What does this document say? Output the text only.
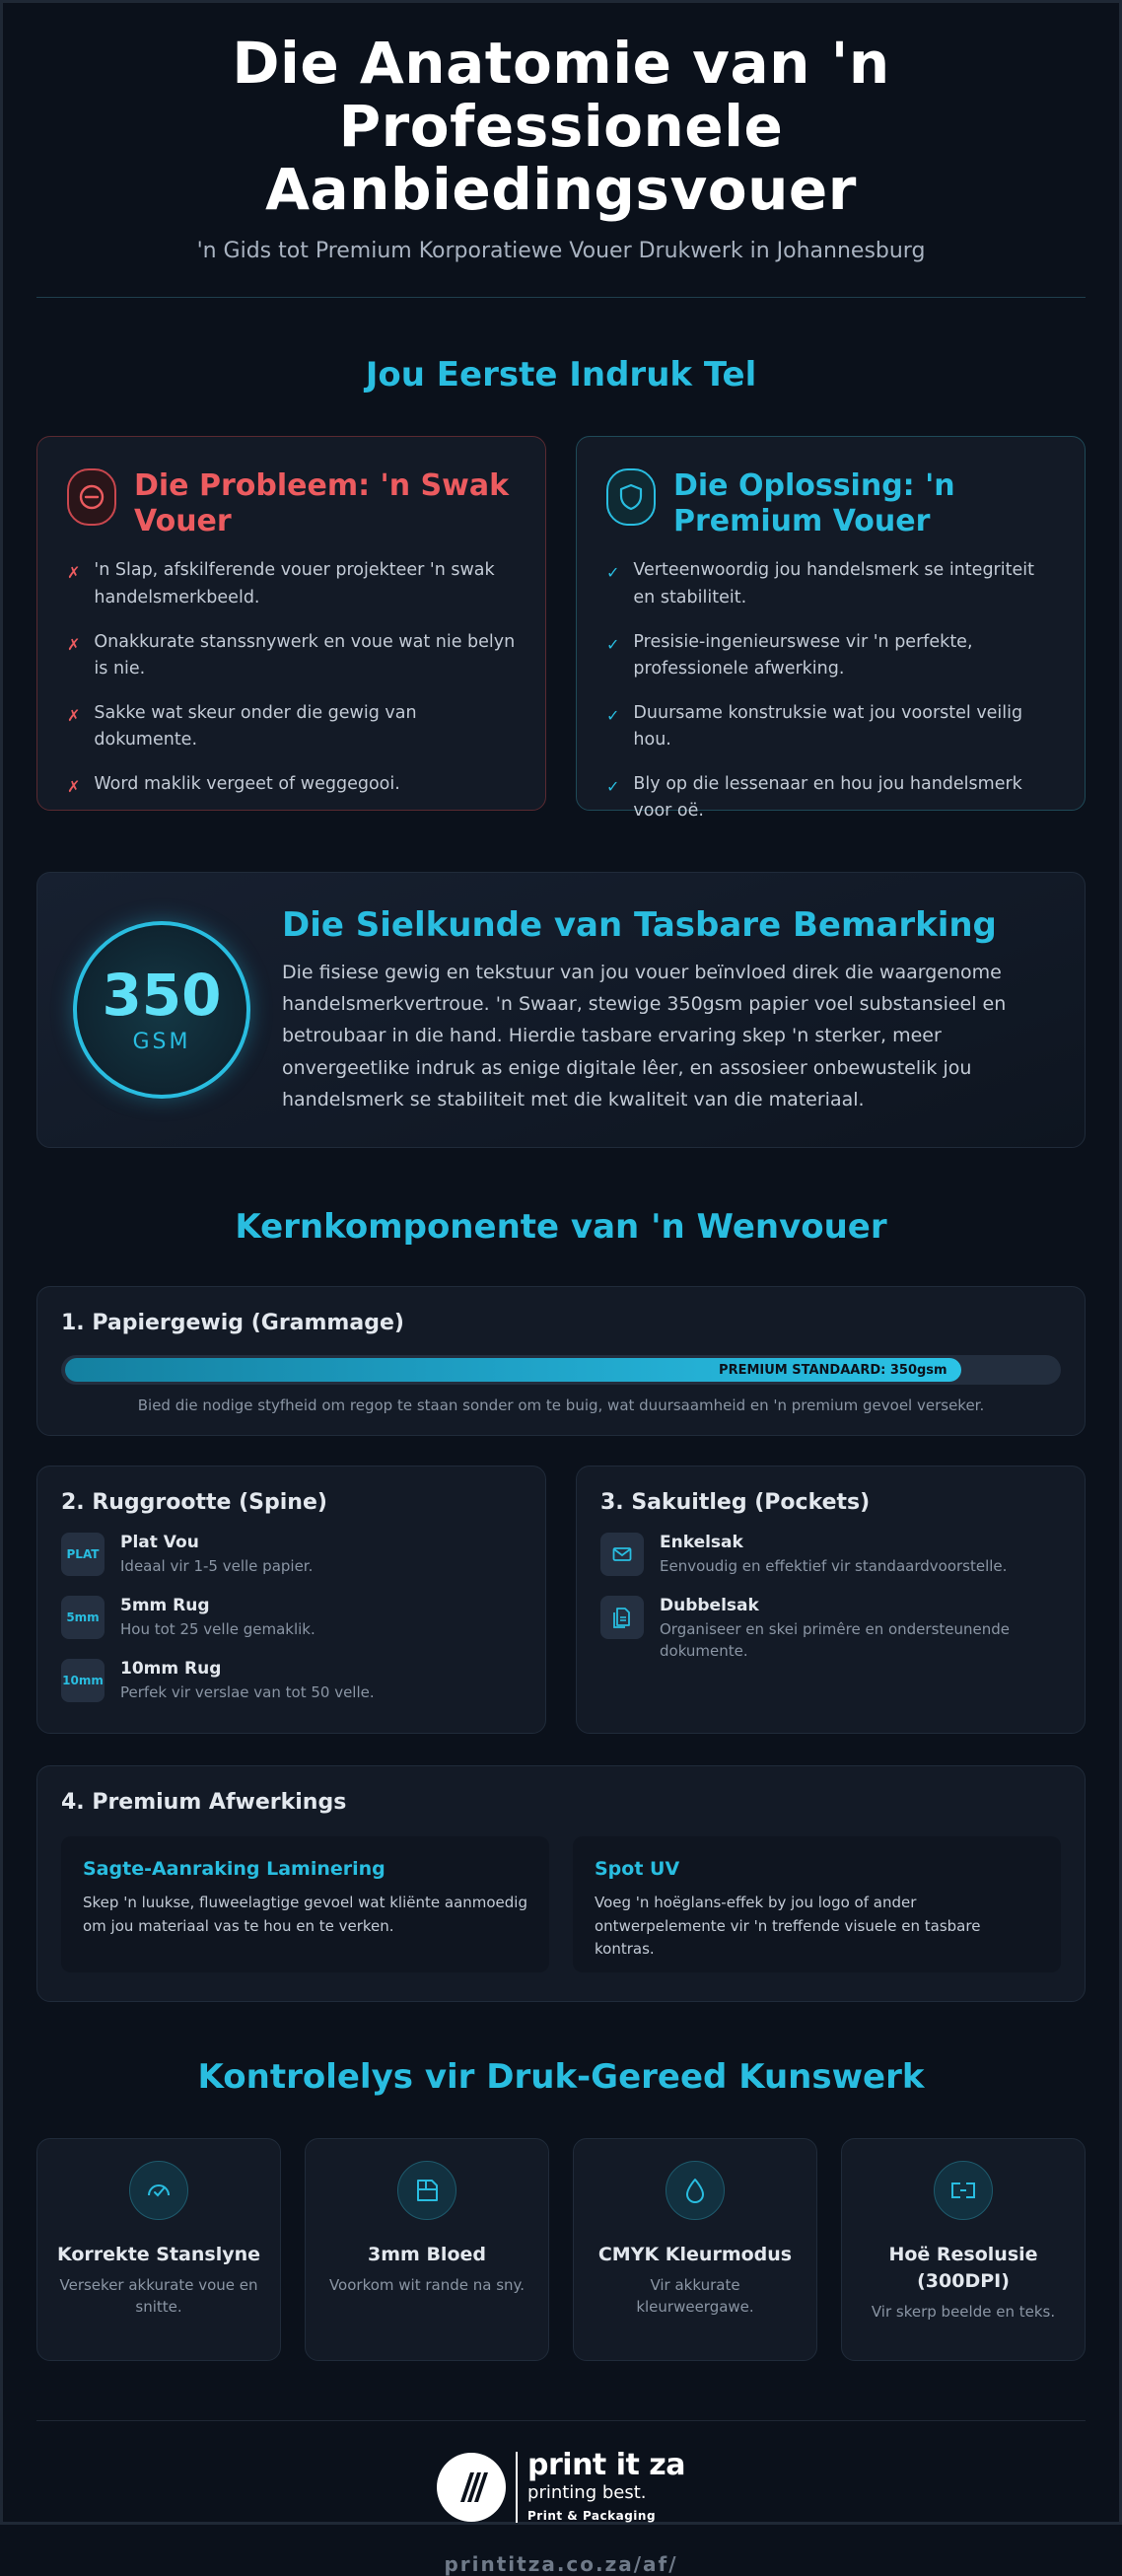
Die Anatomie van 'n Professionele Aanbiedingsvouer

'n Gids tot Premium Korporatiewe Vouer Drukwerk in Johannesburg

Jou Eerste Indruk Tel
Die Probleem: 'n Swak Vouer
✗ 'n Slap, afskilferende vouer projekteer 'n swak handelsmerkbeeld.
✗ Onakkurate stanssnywerk en voue wat nie belyn is nie.
✗ Sakke wat skeur onder die gewig van dokumente.
✗ Word maklik vergeet of weggegooi.
Die Oplossing: 'n Premium Vouer
✓ Verteenwoordig jou handelsmerk se integriteit en stabiliteit.
✓ Presisie-ingenieurswese vir 'n perfekte, professionele afwerking.
✓ Duursame konstruksie wat jou voorstel veilig hou.
✓ Bly op die lessenaar en hou jou handelsmerk voor oë.
350
GSM
Die Sielkunde van Tasbare Bemarking

Die fisiese gewig en tekstuur van jou vouer beïnvloed direk die waargenome handelsmerkvertroue. 'n Swaar, stewige 350gsm papier voel substansieel en betroubaar in die hand. Hierdie tasbare ervaring skep 'n sterker, meer onvergeetlike indruk as enige digitale lêer, en assosieer onbewustelik jou handelsmerk se stabiliteit met die kwaliteit van die materiaal.

Kernkomponente van 'n Wenvouer
1. Papiergewig (Grammage)
PREMIUM STANDAARD: 350gsm

Bied die nodige styfheid om regop te staan sonder om te buig, wat duursaamheid en 'n premium gevoel verseker.

2. Ruggrootte (Spine)
PLAT
Plat Vou
Ideaal vir 1-5 velle papier.
5mm
5mm Rug
Hou tot 25 velle gemaklik.
10mm
10mm Rug
Perfek vir verslae van tot 50 velle.
3. Sakuitleg (Pockets)
Enkelsak
Eenvoudig en effektief vir standaardvoorstelle.
Dubbelsak
Organiseer en skei primêre en ondersteunende dokumente.
4. Premium Afwerkings
Sagte-Aanraking Laminering

Skep 'n luukse, fluweelagtige gevoel wat kliënte aanmoedig om jou materiaal vas te hou en te verken.

Spot UV

Voeg 'n hoëglans-effek by jou logo of ander ontwerpelemente vir 'n treffende visuele en tasbare kontras.

Kontrolelys vir Druk-Gereed Kunswerk
Korrekte Stanslyne
Verseker akkurate voue en snitte.
3mm Bloed
Voorkom wit rande na sny.
CMYK Kleurmodus
Vir akkurate kleurweergawe.
Hoë Resolusie (300DPI)
Vir skerp beelde en teks.
print it za
printing best.
Print & Packaging
printitza.co.za/af/
